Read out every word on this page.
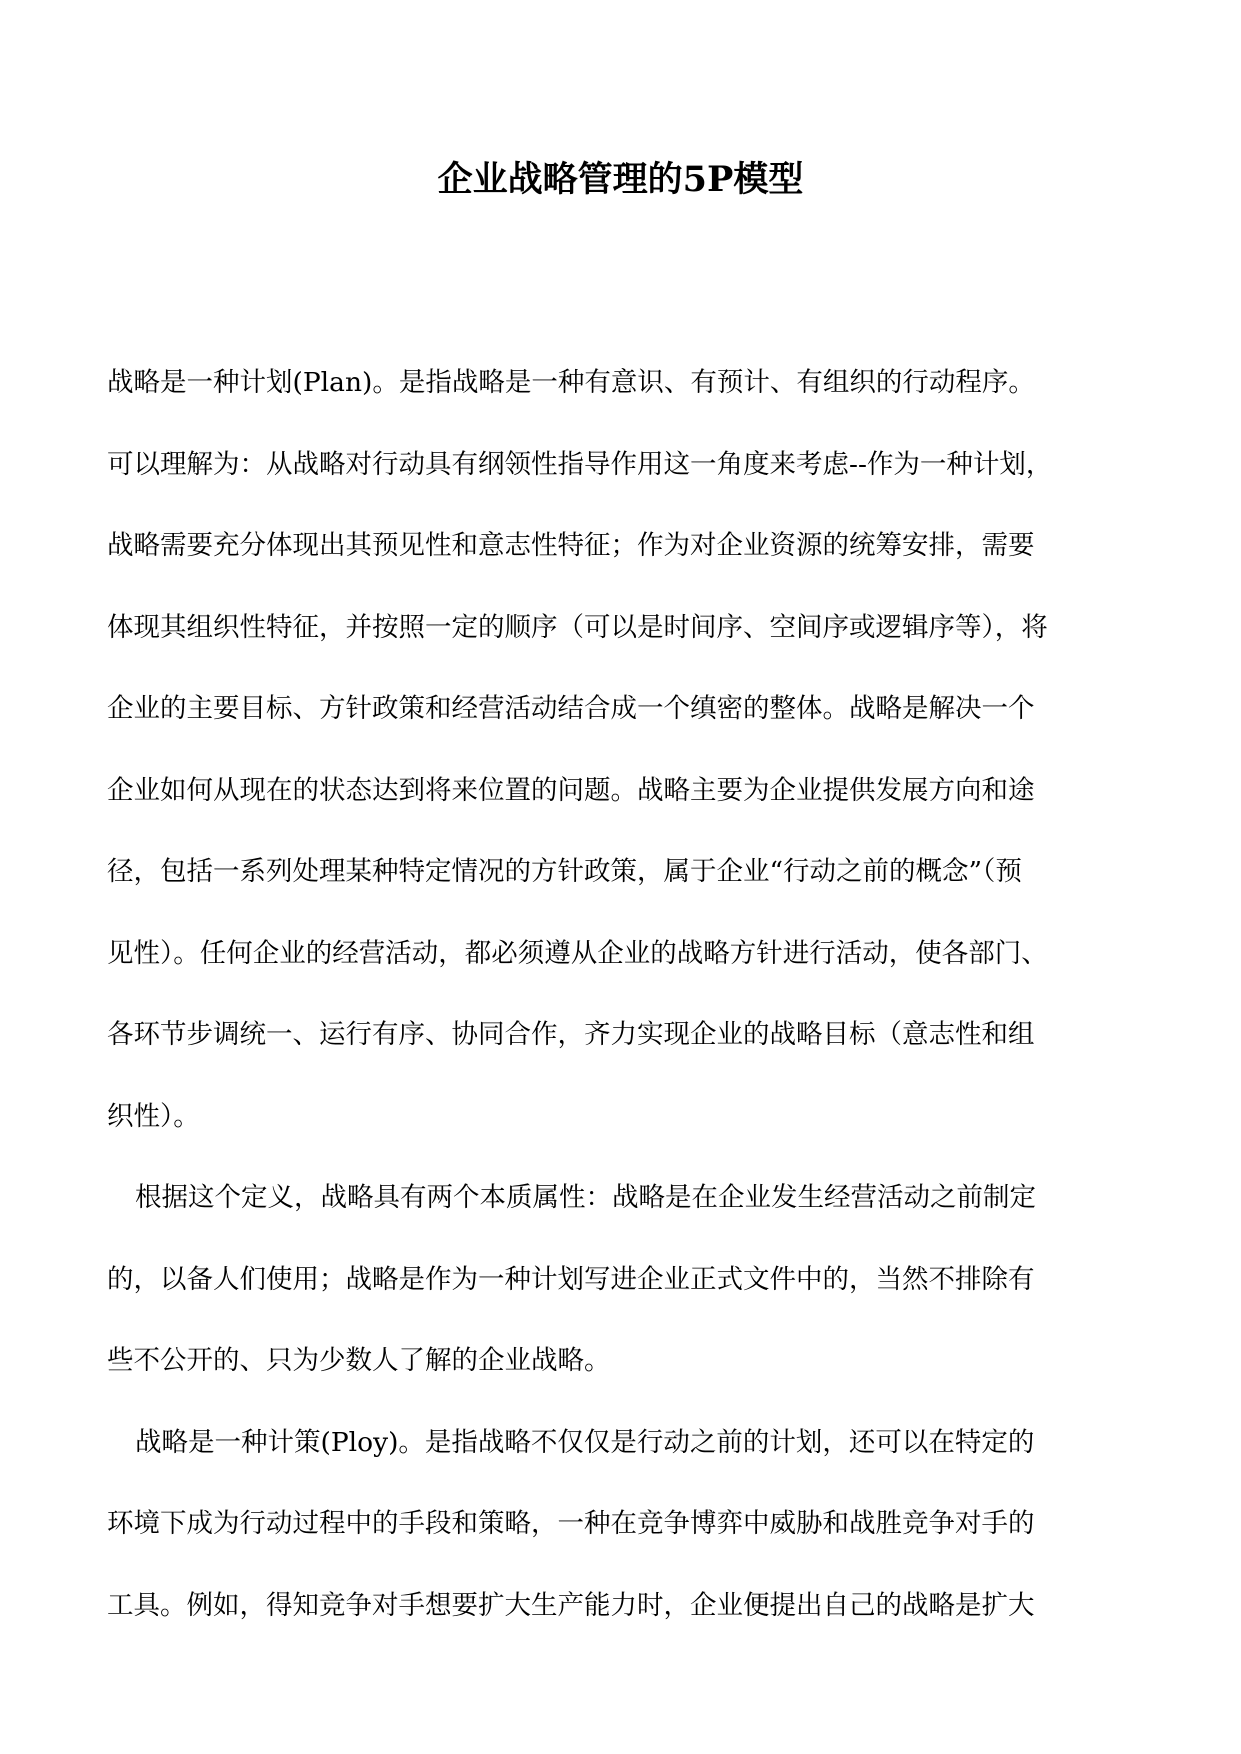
企业战略管理的5P模型

战略是一种计划(Plan)。是指战略是一种有意识、有预计、有组织的行动程序。
可以理解为：从战略对行动具有纲领性指导作用这一角度来考虑--作为一种计划，
战略需要充分体现出其预见性和意志性特征；作为对企业资源的统筹安排，需要
体现其组织性特征，并按照一定的顺序（可以是时间序、空间序或逻辑序等），将
企业的主要目标、方针政策和经营活动结合成一个缜密的整体。战略是解决一个
企业如何从现在的状态达到将来位置的问题。战略主要为企业提供发展方向和途
径，包括一系列处理某种特定情况的方针政策，属于企业“行动之前的概念”（预
见性）。任何企业的经营活动，都必须遵从企业的战略方针进行活动，使各部门、
各环节步调统一、运行有序、协同合作，齐力实现企业的战略目标（意志性和组
织性）。

根据这个定义，战略具有两个本质属性：战略是在企业发生经营活动之前制定
的，以备人们使用；战略是作为一种计划写进企业正式文件中的，当然不排除有
些不公开的、只为少数人了解的企业战略。

战略是一种计策(Ploy)。是指战略不仅仅是行动之前的计划，还可以在特定的
环境下成为行动过程中的手段和策略，一种在竞争博弈中威胁和战胜竞争对手的
工具。例如，得知竞争对手想要扩大生产能力时，企业便提出自己的战略是扩大
